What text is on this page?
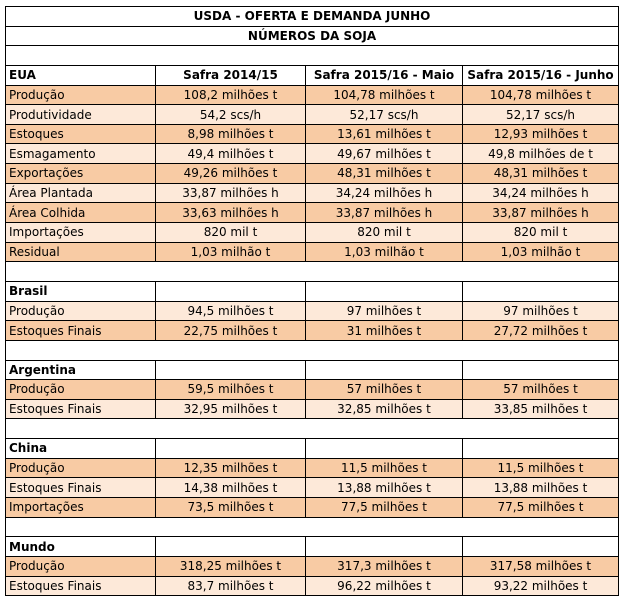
USDA - OFERTA E DEMANDA JUNHO			
NÚMEROS DA SOJA			

EUA	Safra 2014/15	Safra 2015/16 - Maio	Safra 2015/16 - Junho
Produção	108,2 milhões t	104,78 milhões t	104,78 milhões t
Produtividade	54,2 scs/h	52,17 scs/h	52,17 scs/h
Estoques	8,98 milhões t	13,61 milhões t	12,93 milhões t
Esmagamento	49,4 milhões t	49,67 milhões t	49,8 milhões de t
Exportações	49,26 milhões t	48,31 milhões t	48,31 milhões t
Área Plantada	33,87 milhões h	34,24 milhões h	34,24 milhões h
Área Colhida	33,63 milhões h	33,87 milhões h	33,87 milhões h
Importações	820 mil t	820 mil t	820 mil t
Residual	1,03 milhão t	1,03 milhão t	1,03 milhão t

Brasil			
Produção	94,5 milhões t	97 milhões t	97 milhões t
Estoques Finais	22,75 milhões t	31 milhões t	27,72 milhões t

Argentina			
Produção	59,5 milhões t	57 milhões t	57 milhões t
Estoques Finais	32,95 milhões t	32,85 milhões t	33,85 milhões t

China			
Produção	12,35 milhões t	11,5 milhões t	11,5 milhões t
Estoques Finais	14,38 milhões t	13,88 milhões t	13,88 milhões t
Importações	73,5 milhões t	77,5 milhões t	77,5 milhões t

Mundo			
Produção	318,25 milhões t	317,3 milhões t	317,58 milhões t
Estoques Finais	83,7 milhões t	96,22 milhões t	93,22 milhões t
